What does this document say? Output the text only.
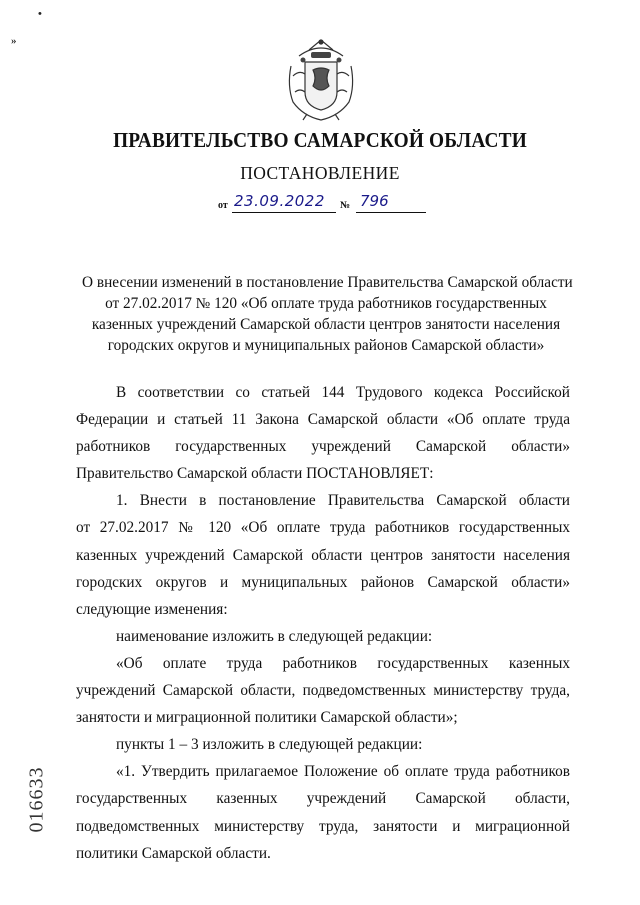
•
»
ПРАВИТЕЛЬСТВО САМАРСКОЙ ОБЛАСТИ
ПОСТАНОВЛЕНИЕ
от 23.09.2022	№ 796
О внесении изменений в постановление Правительства Самарской области
от 27.02.2017 № 120 «Об оплате труда работников государственных
казенных учреждений Самарской области центров занятости населения
городских округов и муниципальных районов Самарской области»
В соответствии со статьей 144 Трудового кодекса Российской
Федерации и статьей 11 Закона Самарской области «Об оплате труда
работников государственных учреждений Самарской области»
Правительство Самарской области ПОСТАНОВЛЯЕТ:
1. Внести в постановление Правительства Самарской области
от 27.02.2017 № 120 «Об оплате труда работников государственных
казенных учреждений Самарской области центров занятости населения
городских округов и муниципальных районов Самарской области»
следующие изменения:
наименование изложить в следующей редакции:
«Об оплате труда работников государственных казенных
учреждений Самарской области, подведомственных министерству труда,
занятости и миграционной политики Самарской области»;
пункты 1 – 3 изложить в следующей редакции:
«1. Утвердить прилагаемое Положение об оплате труда работников
государственных казенных учреждений Самарской области,
подведомственных министерству труда, занятости и миграционной
политики Самарской области.
016633
